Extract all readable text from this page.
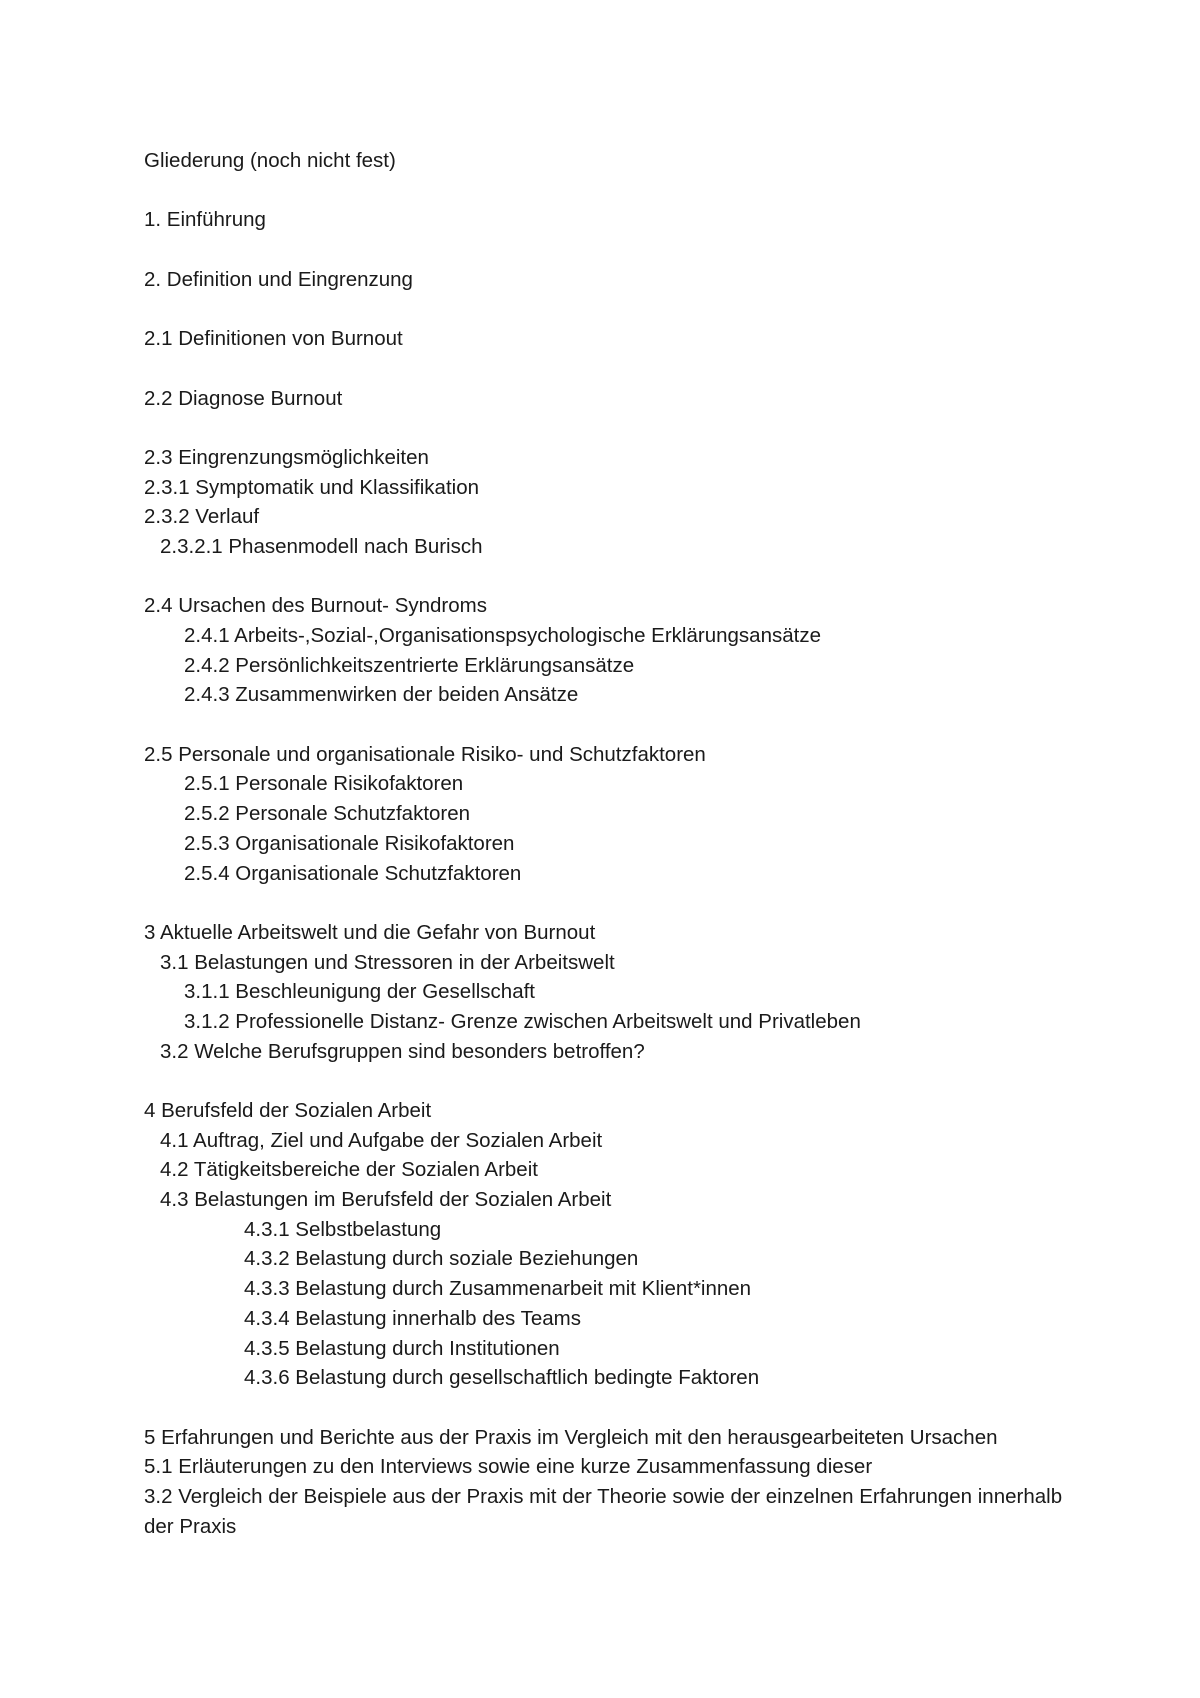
Gliederung (noch nicht fest)
1. Einführung
2. Definition und Eingrenzung
2.1 Definitionen von Burnout
2.2 Diagnose Burnout
2.3 Eingrenzungsmöglichkeiten
2.3.1 Symptomatik und Klassifikation
2.3.2 Verlauf
2.3.2.1 Phasenmodell nach Burisch
2.4 Ursachen des Burnout- Syndroms
2.4.1 Arbeits-,Sozial-,Organisationspsychologische Erklärungsansätze
2.4.2 Persönlichkeitszentrierte Erklärungsansätze
2.4.3 Zusammenwirken der beiden Ansätze
2.5 Personale und organisationale Risiko- und Schutzfaktoren
2.5.1 Personale Risikofaktoren
2.5.2 Personale Schutzfaktoren
2.5.3 Organisationale Risikofaktoren
2.5.4 Organisationale Schutzfaktoren
3 Aktuelle Arbeitswelt und die Gefahr von Burnout
3.1 Belastungen und Stressoren in der Arbeitswelt
3.1.1 Beschleunigung der Gesellschaft
3.1.2 Professionelle Distanz- Grenze zwischen Arbeitswelt und Privatleben
3.2 Welche Berufsgruppen sind besonders betroffen?
4 Berufsfeld der Sozialen Arbeit
4.1 Auftrag, Ziel und Aufgabe der Sozialen Arbeit
4.2 Tätigkeitsbereiche der Sozialen Arbeit
4.3 Belastungen im Berufsfeld der Sozialen Arbeit
4.3.1 Selbstbelastung
4.3.2 Belastung durch soziale Beziehungen
4.3.3 Belastung durch Zusammenarbeit mit Klient*innen
4.3.4 Belastung innerhalb des Teams
4.3.5 Belastung durch Institutionen
4.3.6 Belastung durch gesellschaftlich bedingte Faktoren
5 Erfahrungen und Berichte aus der Praxis im Vergleich mit den herausgearbeiteten Ursachen
5.1 Erläuterungen zu den Interviews sowie eine kurze Zusammenfassung dieser
3.2 Vergleich der Beispiele aus der Praxis mit der Theorie sowie der einzelnen Erfahrungen innerhalb der Praxis
